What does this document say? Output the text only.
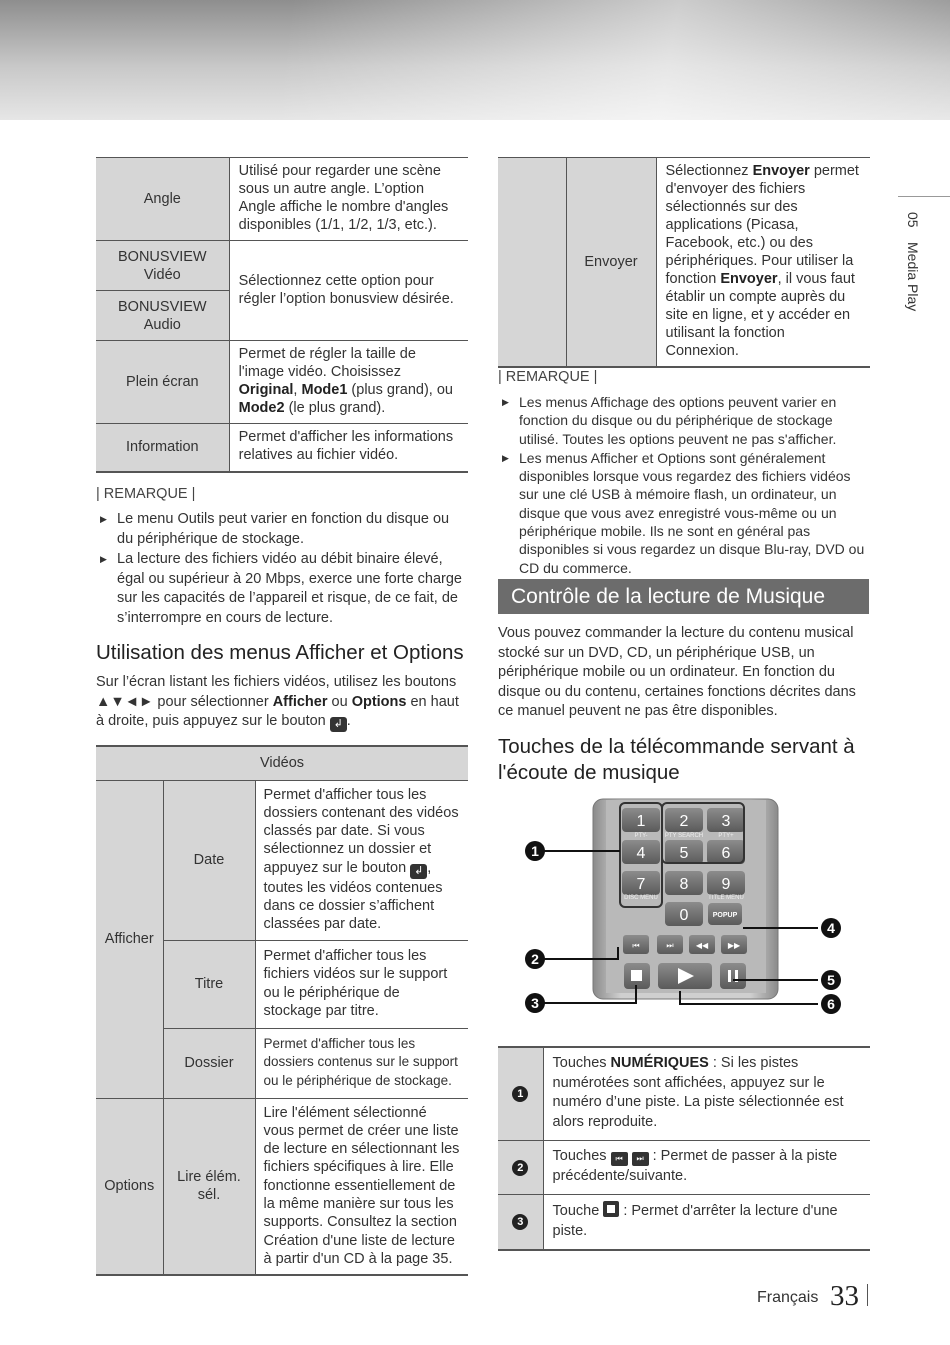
05Media Play
Angle	Utilisé pour regarder une scène sous un autre angle. L’option Angle affiche le nombre d'angles disponibles (1/1, 1/2, 1/3, etc.).
BONUSVIEW Vidéo	Sélectionnez cette option pour régler l’option bonusview désirée.
BONUSVIEW Audio	
Plein écran	Permet de régler la taille de l'image vidéo. Choisissez Original, Mode1 (plus grand), ou Mode2 (le plus grand).
Information	Permet d'afficher les informations relatives au fichier vidéo.
| REMARQUE |
▶ Le menu Outils peut varier en fonction du disque ou du périphérique de stockage.
▶ La lecture des fichiers vidéo au débit binaire élevé, égal ou supérieur à 20 Mbps, exerce une forte charge sur les capacités de l’appareil et risque, de ce fait, de s’interrompre en cours de lecture.
Utilisation des menus Afficher et Options
Sur l’écran listant les fichiers vidéos, utilisez les boutons ▲▼◄► pour sélectionner Afficher ou Options en haut à droite, puis appuyez sur le bouton ↲ .
Vidéos		
Afficher	Date	Permet d'afficher tous les dossiers contenant des vidéos classés par date. Si vous sélectionnez un dossier et appuyez sur le bouton ↲ , toutes les vidéos contenues dans ce dossier s’affichent classées par date.
	Titre	Permet d'afficher tous les fichiers vidéos sur le support ou le périphérique de stockage par titre.
	Dossier	Permet d'afficher tous les dossiers contenus sur le support ou le périphérique de stockage.
Options	Lire élém. sél.	Lire l'élément sélectionné vous permet de créer une liste de lecture en sélectionnant les fichiers spécifiques à lire. Elle fonctionne essentiellement de la même manière sur tous les supports. Consultez la section Création d'une liste de lecture à partir d'un CD à la page 35.
	Envoyer	Sélectionnez Envoyer permet d'envoyer des fichiers sélectionnés sur des applications (Picasa, Facebook, etc.) ou des périphériques. Pour utiliser la fonction Envoyer, il vous faut établir un compte auprès du site en ligne, et y accéder en utilisant la fonction Connexion.
| REMARQUE |
▶ Les menus Affichage des options peuvent varier en fonction du disque ou du périphérique de stockage utilisé. Toutes les options peuvent ne pas s'afficher.
▶ Les menus Afficher et Options sont généralement disponibles lorsque vous regardez des fichiers vidéos sur une clé USB à mémoire flash, un ordinateur, un disque que vous avez enregistré vous-même ou un périphérique mobile. Ils ne sont en général pas disponibles si vous regardez un disque Blu-ray, DVD ou CD du commerce.
Contrôle de la lecture de Musique
Vous pouvez commander la lecture du contenu musical stocké sur un DVD, CD, un périphérique USB, un périphérique mobile ou un ordinateur. En fonction du disque ou du contenu, certaines fonctions décrites dans ce manuel peuvent ne pas être disponibles.
Touches de la télécommande servant à l'écoute de musique
1 2 3
4 5 6
7 8 9
0
PTY-	PTY SEARCH	PTY+
DISC MENU	TITLE MENU
POPUP
⏮	⏭	◀◀ ▶▶
1
2
3
4
5
6
1	Touches NUMÉRIQUES : Si les pistes numérotées sont affichées, appuyez sur le numéro d’une piste. La piste sélectionnée est alors reproduite.
2	Touches ⏮ ⏭ : Permet de passer à la piste précédente/suivante.
3	Touche  : Permet d'arrêter la lecture d'une piste.
Français 33
